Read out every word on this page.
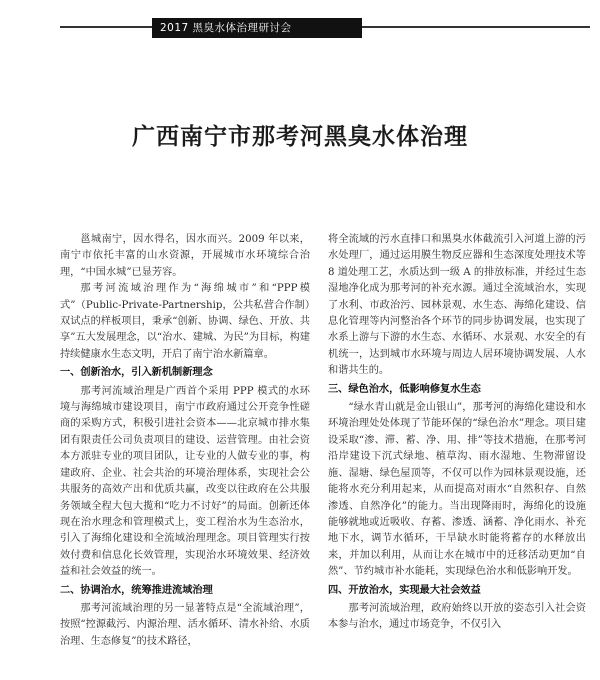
2017 黑臭水体治理研讨会
广西南宁市那考河黑臭水体治理

邕城南宁，因水得名，因水而兴。2009 年以来，南宁市依托丰富的山水资源，开展城市水环境综合治理，“中国水城”已显芳容。

那考河流域治理作为“海绵城市”和“PPP模式”（Public-Private-Partnership，公共私营合作制）双试点的样板项目，秉承“创新、协调、绿色、开放、共享”五大发展理念，以“治水、建城、为民”为目标，构建持续健康水生态文明，开启了南宁治水新篇章。

一、创新治水，引入新机制新理念

那考河流域治理是广西首个采用 PPP 模式的水环境与海绵城市建设项目，南宁市政府通过公开竞争性磋商的采购方式，积极引进社会资本——北京城市排水集团有限责任公司负责项目的建设、运营管理。由社会资本方派驻专业的项目团队，让专业的人做专业的事，构建政府、企业、社会共治的环境治理体系，实现社会公共服务的高效产出和优质共赢，改变以往政府在公共服务领域全程大包大揽和“吃力不讨好”的局面。创新还体现在治水理念和管理模式上，变工程治水为生态治水，引入了海绵化建设和全流域治理理念。项目管理实行按效付费和信息化长效管理，实现治水环境效果、经济效益和社会效益的统一。

二、协调治水，统筹推进流域治理

那考河流域治理的另一显著特点是“全流域治理”，按照“控源截污、内源治理、活水循环、清水补给、水质治理、生态修复”的技术路径，

将全流域的污水直排口和黑臭水体截流引入河道上游的污水处理厂，通过运用膜生物反应器和生态深度处理技术等 8 道处理工艺，水质达到一级 A 的排放标准，并经过生态湿地净化成为那考河的补充水源。通过全流域治水，实现了水利、市政治污、园林景观、水生态、海绵化建设、信息化管理等内河整治各个环节的同步协调发展，也实现了水系上游与下游的水生态、水循环、水景观、水安全的有机统一，达到城市水环境与周边人居环境协调发展、人水和谐共生的。

三、绿色治水，低影响修复水生态

“绿水青山就是金山银山”，那考河的海绵化建设和水环境治理处处体现了节能环保的“绿色治水”理念。项目建设采取“渗、滞、蓄、净、用、排”等技术措施，在那考河沿岸建设下沉式绿地、植草沟、雨水湿地、生物滞留设施、湿塘、绿色屋顶等，不仅可以作为园林景观设施，还能将水充分利用起来，从而提高对雨水“自然积存、自然渗透、自然净化”的能力。当出现降雨时，海绵化的设施能够就地或近吸收、存蓄、渗透、涵蓄、净化雨水、补充地下水，调节水循环，干旱缺水时能将蓄存的水释放出来，并加以利用，从而让水在城市中的迁移活动更加“自然”、节约城市补水能耗，实现绿色治水和低影响开发。

四、开放治水，实现最大社会效益

那考河流域治理，政府始终以开放的姿态引入社会资本参与治水，通过市场竞争，不仅引入
